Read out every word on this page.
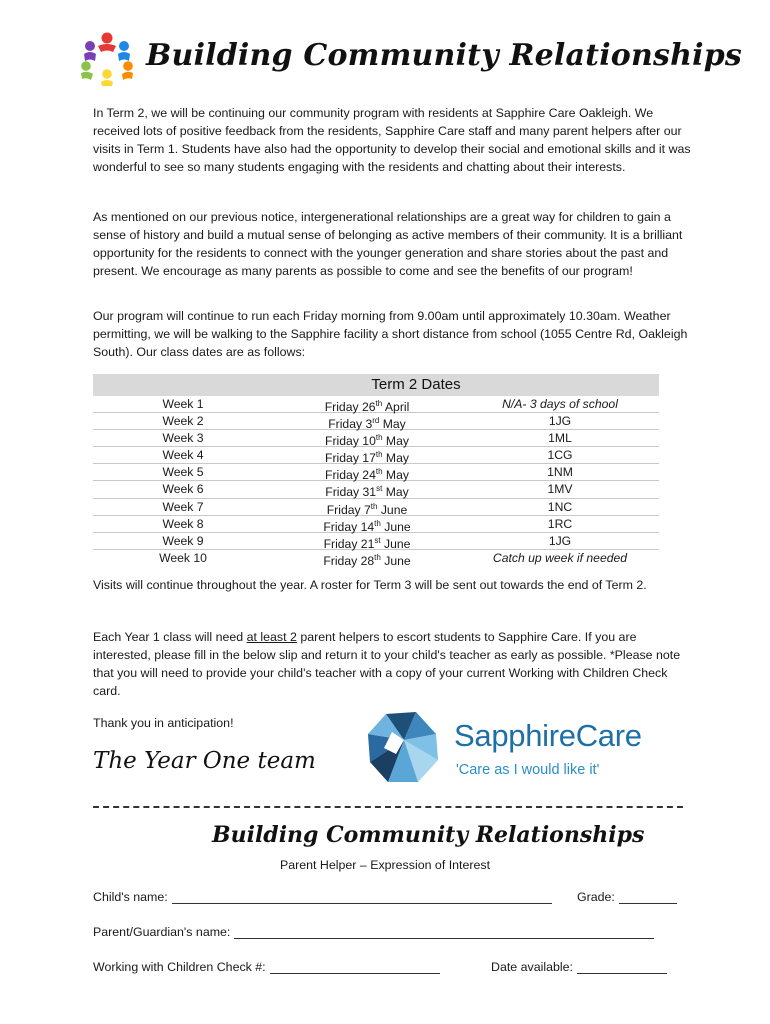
Building Community Relationships

In Term 2, we will be continuing our community program with residents at Sapphire Care Oakleigh. We received lots of positive feedback from the residents, Sapphire Care staff and many parent helpers after our visits in Term 1. Students have also had the opportunity to develop their social and emotional skills and it was wonderful to see so many students engaging with the residents and chatting about their interests.

As mentioned on our previous notice, intergenerational relationships are a great way for children to gain a sense of history and build a mutual sense of belonging as active members of their community. It is a brilliant opportunity for the residents to connect with the younger generation and share stories about the past and present. We encourage as many parents as possible to come and see the benefits of our program!

Our program will continue to run each Friday morning from 9.00am until approximately 10.30am. Weather permitting, we will be walking to the Sapphire facility a short distance from school (1055 Centre Rd, Oakleigh South). Our class dates are as follows:

Term 2 Dates
Week 1	Friday 26th April	N/A- 3 days of school
Week 2	Friday 3rd May	1JG
Week 3	Friday 10th May	1ML
Week 4	Friday 17th May	1CG
Week 5	Friday 24th May	1NM
Week 6	Friday 31st May	1MV
Week 7	Friday 7th June	1NC
Week 8	Friday 14th June	1RC
Week 9	Friday 21st June	1JG
Week 10	Friday 28th June	Catch up week if needed

Visits will continue throughout the year. A roster for Term 3 will be sent out towards the end of Term 2.

Each Year 1 class will need at least 2 parent helpers to escort students to Sapphire Care. If you are interested, please fill in the below slip and return it to your child's teacher as early as possible. *Please note that you will need to provide your child's teacher with a copy of your current Working with Children Check card.

Thank you in anticipation!

The Year One team
SapphireCare
'Care as I would like it'
Building Community Relationships
Parent Helper – Expression of Interest
Child's name:	Grade:
Parent/Guardian's name:
Working with Children Check #:	Date available:
